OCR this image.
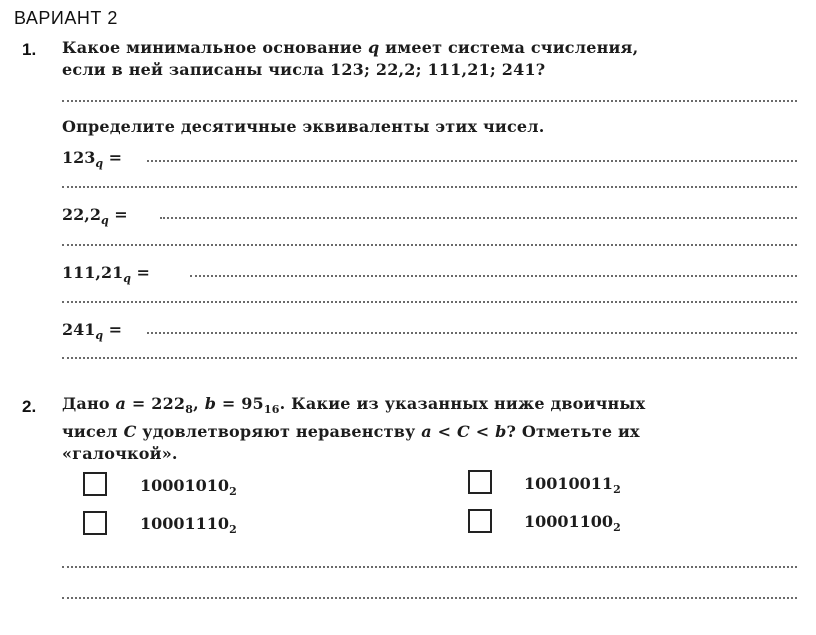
ВАРИАНТ 2
1. Какое минимальное основание q имеет система счисления,
если в ней записаны числа 123; 22,2; 111,21; 241?
Определите десятичные эквиваленты этих чисел.
$123_q$ =
$22,2_q$ =
$111,21_q$ =
$241_q$ =
2. Дано $a = 222_8$, $b = 95_{16}$. Какие из указанных ниже двоичных
чисел C удовлетворяют неравенству a < C < b? Отметьте их
«галочкой».
$10001010_2$	$10010011_2$
$10001110_2$	$10001100_2$
